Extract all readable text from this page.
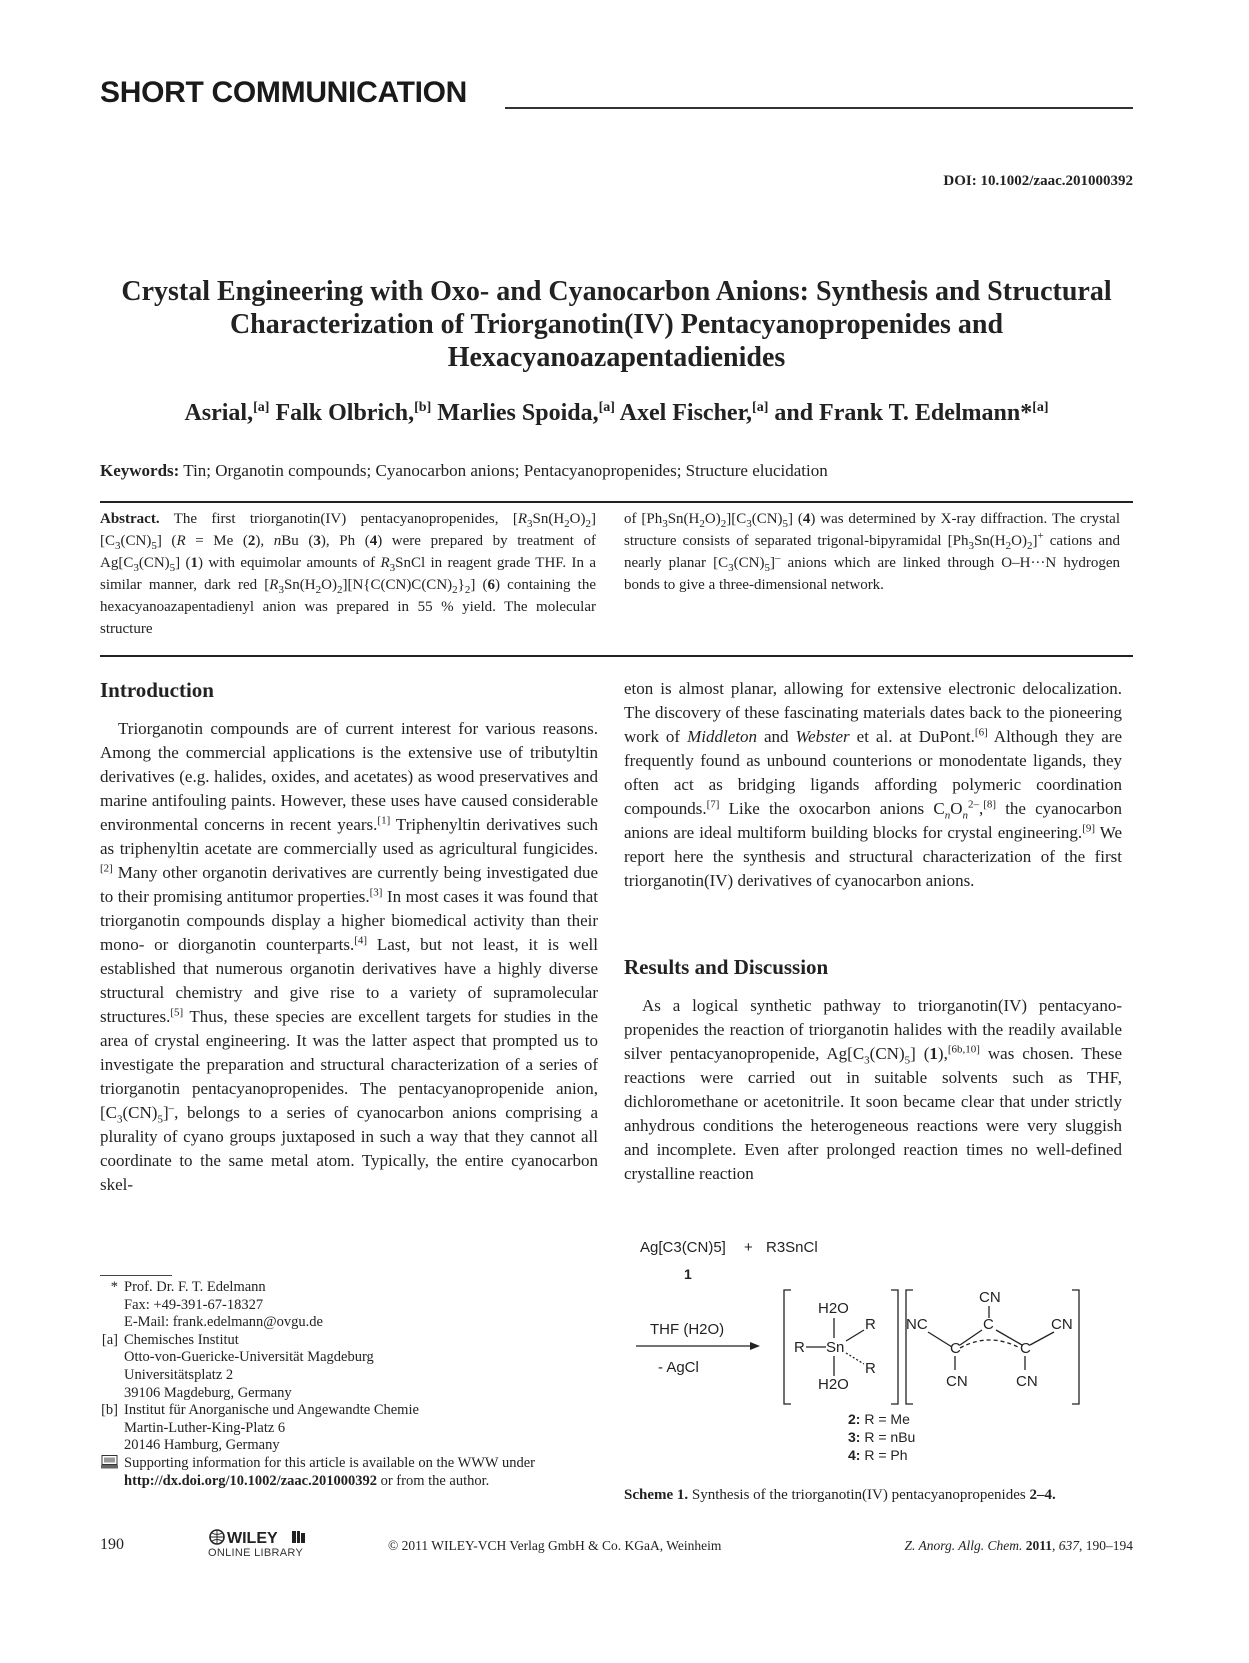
SHORT COMMUNICATION
DOI: 10.1002/zaac.201000392
Crystal Engineering with Oxo- and Cyanocarbon Anions: Synthesis and Structural Characterization of Triorganotin(IV) Pentacyanopropenides and Hexacyanoazapentadienides
Asrial,[a] Falk Olbrich,[b] Marlies Spoida,[a] Axel Fischer,[a] and Frank T. Edelmann*[a]
Keywords: Tin; Organotin compounds; Cyanocarbon anions; Pentacyanopropenides; Structure elucidation
Abstract. The first triorganotin(IV) pentacyanopropenides, $[R_3Sn(H_2O)_2][C_3(CN)_5] (R = Me$ (2), nBu (3), Ph (4) were prepared by treatment of $Ag[C_3(CN)_5]$ (1) with equimolar amounts of $R_3SnCl$ in reagent grade THF. In a similar manner, dark red $[R_3Sn(H_2O)_2][N\{C(CN)C(CN)_2\}_2]$ (6) containing the hexacyanoazapentadienyl anion was prepared in 55 % yield. The molecular structure
of $[Ph_3Sn(H_2O)_2][C_3(CN)_5]$ (4) was determined by X-ray diffraction. The crystal structure consists of separated trigonal-bipyramidal $[Ph_3Sn(H_2O)_2]^+$ cations and nearly planar $[C_3(CN)_5]^-$ anions which are linked through O–H···N hydrogen bonds to give a three-dimensional network.
Introduction

Triorganotin compounds are of current interest for various reasons. Among the commercial applications is the extensive use of tributyltin derivatives (e.g. halides, oxides, and acetates) as wood preservatives and marine antifouling paints. However, these uses have caused considerable environmental concerns in recent years.[1] Triphenyltin derivatives such as triphenyltin acetate are commercially used as agricultural fungicides.[2] Many other organotin derivatives are currently being investigated due to their promising antitumor properties.[3] In most cases it was found that triorganotin compounds display a higher biomedical activity than their mono- or diorganotin counterparts.[4] Last, but not least, it is well established that numerous organotin derivatives have a highly diverse structural chemistry and give rise to a variety of supramolecular structures.[5] Thus, these species are excellent targets for studies in the area of crystal engineering. It was the latter aspect that prompted us to investigate the preparation and structural characterization of a series of triorganotin pentacyanopropenides. The pentacyanopropenide anion, $[C_3(CN)_5]^-$, belongs to a series of cyanocarbon anions comprising a plurality of cyano groups juxtaposed in such a way that they cannot all coordinate to the same metal atom. Typically, the entire cyanocarbon skel-

eton is almost planar, allowing for extensive electronic delocalization. The discovery of these fascinating materials dates back to the pioneering work of Middleton and Webster et al. at DuPont.[6] Although they are frequently found as unbound counterions or monodentate ligands, they often act as bridging ligands affording polymeric coordination compounds.[7] Like the oxocarbon anions $C_nO_n^{2-},[8]$ the cyanocarbon anions are ideal multiform building blocks for crystal engineering.[9] We report here the synthesis and structural characterization of the first triorganotin(IV) derivatives of cyanocarbon anions.

Results and Discussion

As a logical synthetic pathway to triorganotin(IV) pentacyanopropenides the reaction of triorganotin halides with the readily available silver pentacyanopropenide, $Ag[C_3(CN)_5]$ (1),[6b,10] was chosen. These reactions were carried out in suitable solvents such as THF, dichloromethane or acetonitrile. It soon became clear that under strictly anhydrous conditions the heterogeneous reactions were very sluggish and incomplete. Even after prolonged reaction times no well-defined crystalline reaction

* Prof. Dr. F. T. Edelmann
Fax: +49-391-67-18327
E-Mail: frank.edelmann@ovgu.de
[a] Chemisches Institut
Otto-von-Guericke-Universität Magdeburg
Universitätsplatz 2
39106 Magdeburg, Germany
[b] Institut für Anorganische und Angewandte Chemie
Martin-Luther-King-Platz 6
20146 Hamburg, Germany
Supporting information for this article is available on the WWW under http://dx.doi.org/10.1002/zaac.201000392 or from the author.
Ag[C3(CN)5] + R3SnCl
1
THF (H2O)
- AgCl
H2O
R
R Sn
R
H2O
CN
NC	C	CN
C	C
CN	CN
2: R = Me
3: R = nBu
4: R = Ph
Scheme 1. Synthesis of the triorganotin(IV) pentacyanopropenides 2–4.
190	WILEY
ONLINE LIBRARY	© 2011 WILEY-VCH Verlag GmbH & Co. KGaA, Weinheim	Z. Anorg. Allg. Chem. 2011, 637, 190–194
